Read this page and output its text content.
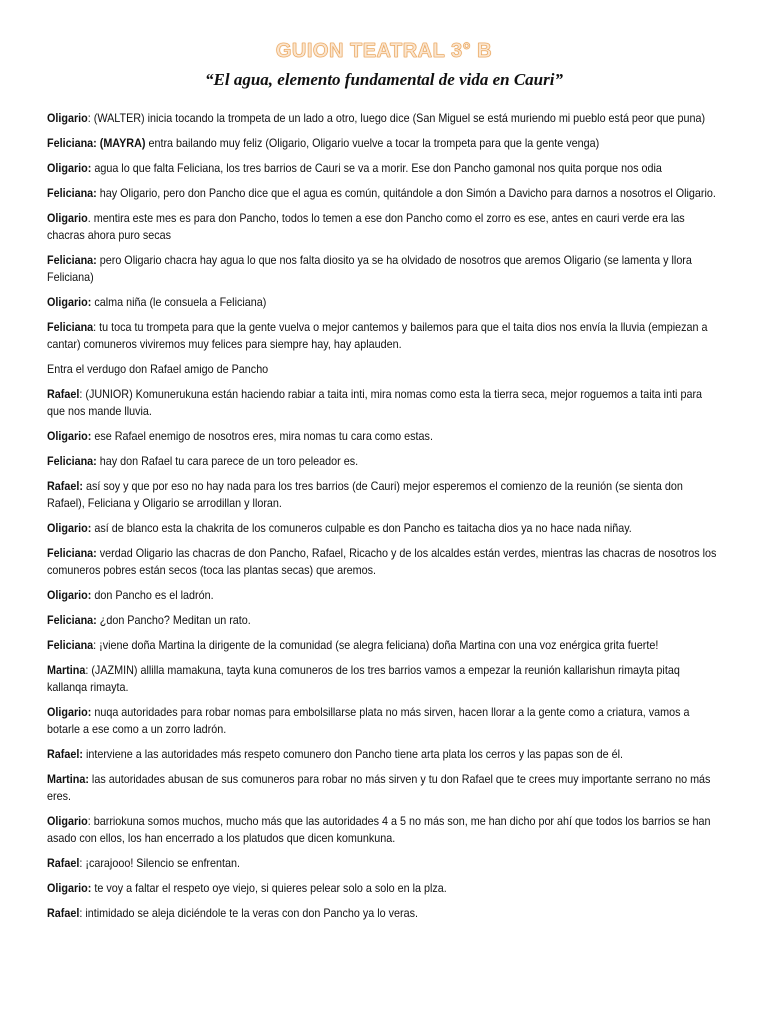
GUION TEATRAL 3° B
“El agua, elemento fundamental de vida en Cauri”

Oligario: (WALTER) inicia tocando la trompeta de un lado a otro, luego dice (San Miguel se está muriendo mi pueblo está peor que puna)

Feliciana: (MAYRA) entra bailando muy feliz (Oligario, Oligario vuelve a tocar la trompeta para que la gente venga)

Oligario: agua lo que falta Feliciana, los tres barrios de Cauri se va a morir. Ese don Pancho gamonal nos quita porque nos odia

Feliciana: hay Oligario, pero don Pancho dice que el agua es común, quitándole a don Simón a Davicho para darnos a nosotros el Oligario.

Oligario. mentira este mes es para don Pancho, todos lo temen a ese don Pancho como el zorro es ese, antes en cauri verde era las chacras ahora puro secas

Feliciana: pero Oligario chacra hay agua lo que nos falta diosito ya se ha olvidado de nosotros que aremos Oligario (se lamenta y llora Feliciana)

Oligario: calma niña (le consuela a Feliciana)

Feliciana: tu toca tu trompeta para que la gente vuelva o mejor cantemos y bailemos para que el taita dios nos envía la lluvia (empiezan a cantar) comuneros viviremos muy felices para siempre hay, hay aplauden.

Entra el verdugo don Rafael amigo de Pancho

Rafael: (JUNIOR) Komunerukuna están haciendo rabiar a taita inti, mira nomas como esta la tierra seca, mejor roguemos a taita inti para que nos mande lluvia.

Oligario: ese Rafael enemigo de nosotros eres, mira nomas tu cara como estas.

Feliciana: hay don Rafael tu cara parece de un toro peleador es.

Rafael: así soy y que por eso no hay nada para los tres barrios (de Cauri) mejor esperemos el comienzo de la reunión (se sienta don Rafael), Feliciana y Oligario se arrodillan y lloran.

Oligario: así de blanco esta la chakrita de los comuneros culpable es don Pancho es taitacha dios ya no hace nada niñay.

Feliciana: verdad Oligario las chacras de don Pancho, Rafael, Ricacho y de los alcaldes están verdes, mientras las chacras de nosotros los comuneros pobres están secos (toca las plantas secas) que aremos.

Oligario: don Pancho es el ladrón.

Feliciana: ¿don Pancho? Meditan un rato.

Feliciana: ¡viene doña Martina la dirigente de la comunidad (se alegra feliciana) doña Martina con una voz enérgica grita fuerte!

Martina: (JAZMIN) allilla mamakuna, tayta kuna comuneros de los tres barrios vamos a empezar la reunión kallarishun rimayta pitaq kallanqa rimayta.

Oligario: nuqa autoridades para robar nomas para embolsillarse plata no más sirven, hacen llorar a la gente como a criatura, vamos a botarle a ese como a un zorro ladrón.

Rafael: interviene a las autoridades más respeto comunero don Pancho tiene arta plata los cerros y las papas son de él.

Martina: las autoridades abusan de sus comuneros para robar no más sirven y tu don Rafael que te crees muy importante serrano no más eres.

Oligario: barriokuna somos muchos, mucho más que las autoridades 4 a 5 no más son, me han dicho por ahí que todos los barrios se han asado con ellos, los han encerrado a los platudos que dicen komunkuna.

Rafael: ¡carajooo! Silencio se enfrentan.

Oligario: te voy a faltar el respeto oye viejo, si quieres pelear solo a solo en la plza.

Rafael: intimidado se aleja diciéndole te la veras con don Pancho ya lo veras.
